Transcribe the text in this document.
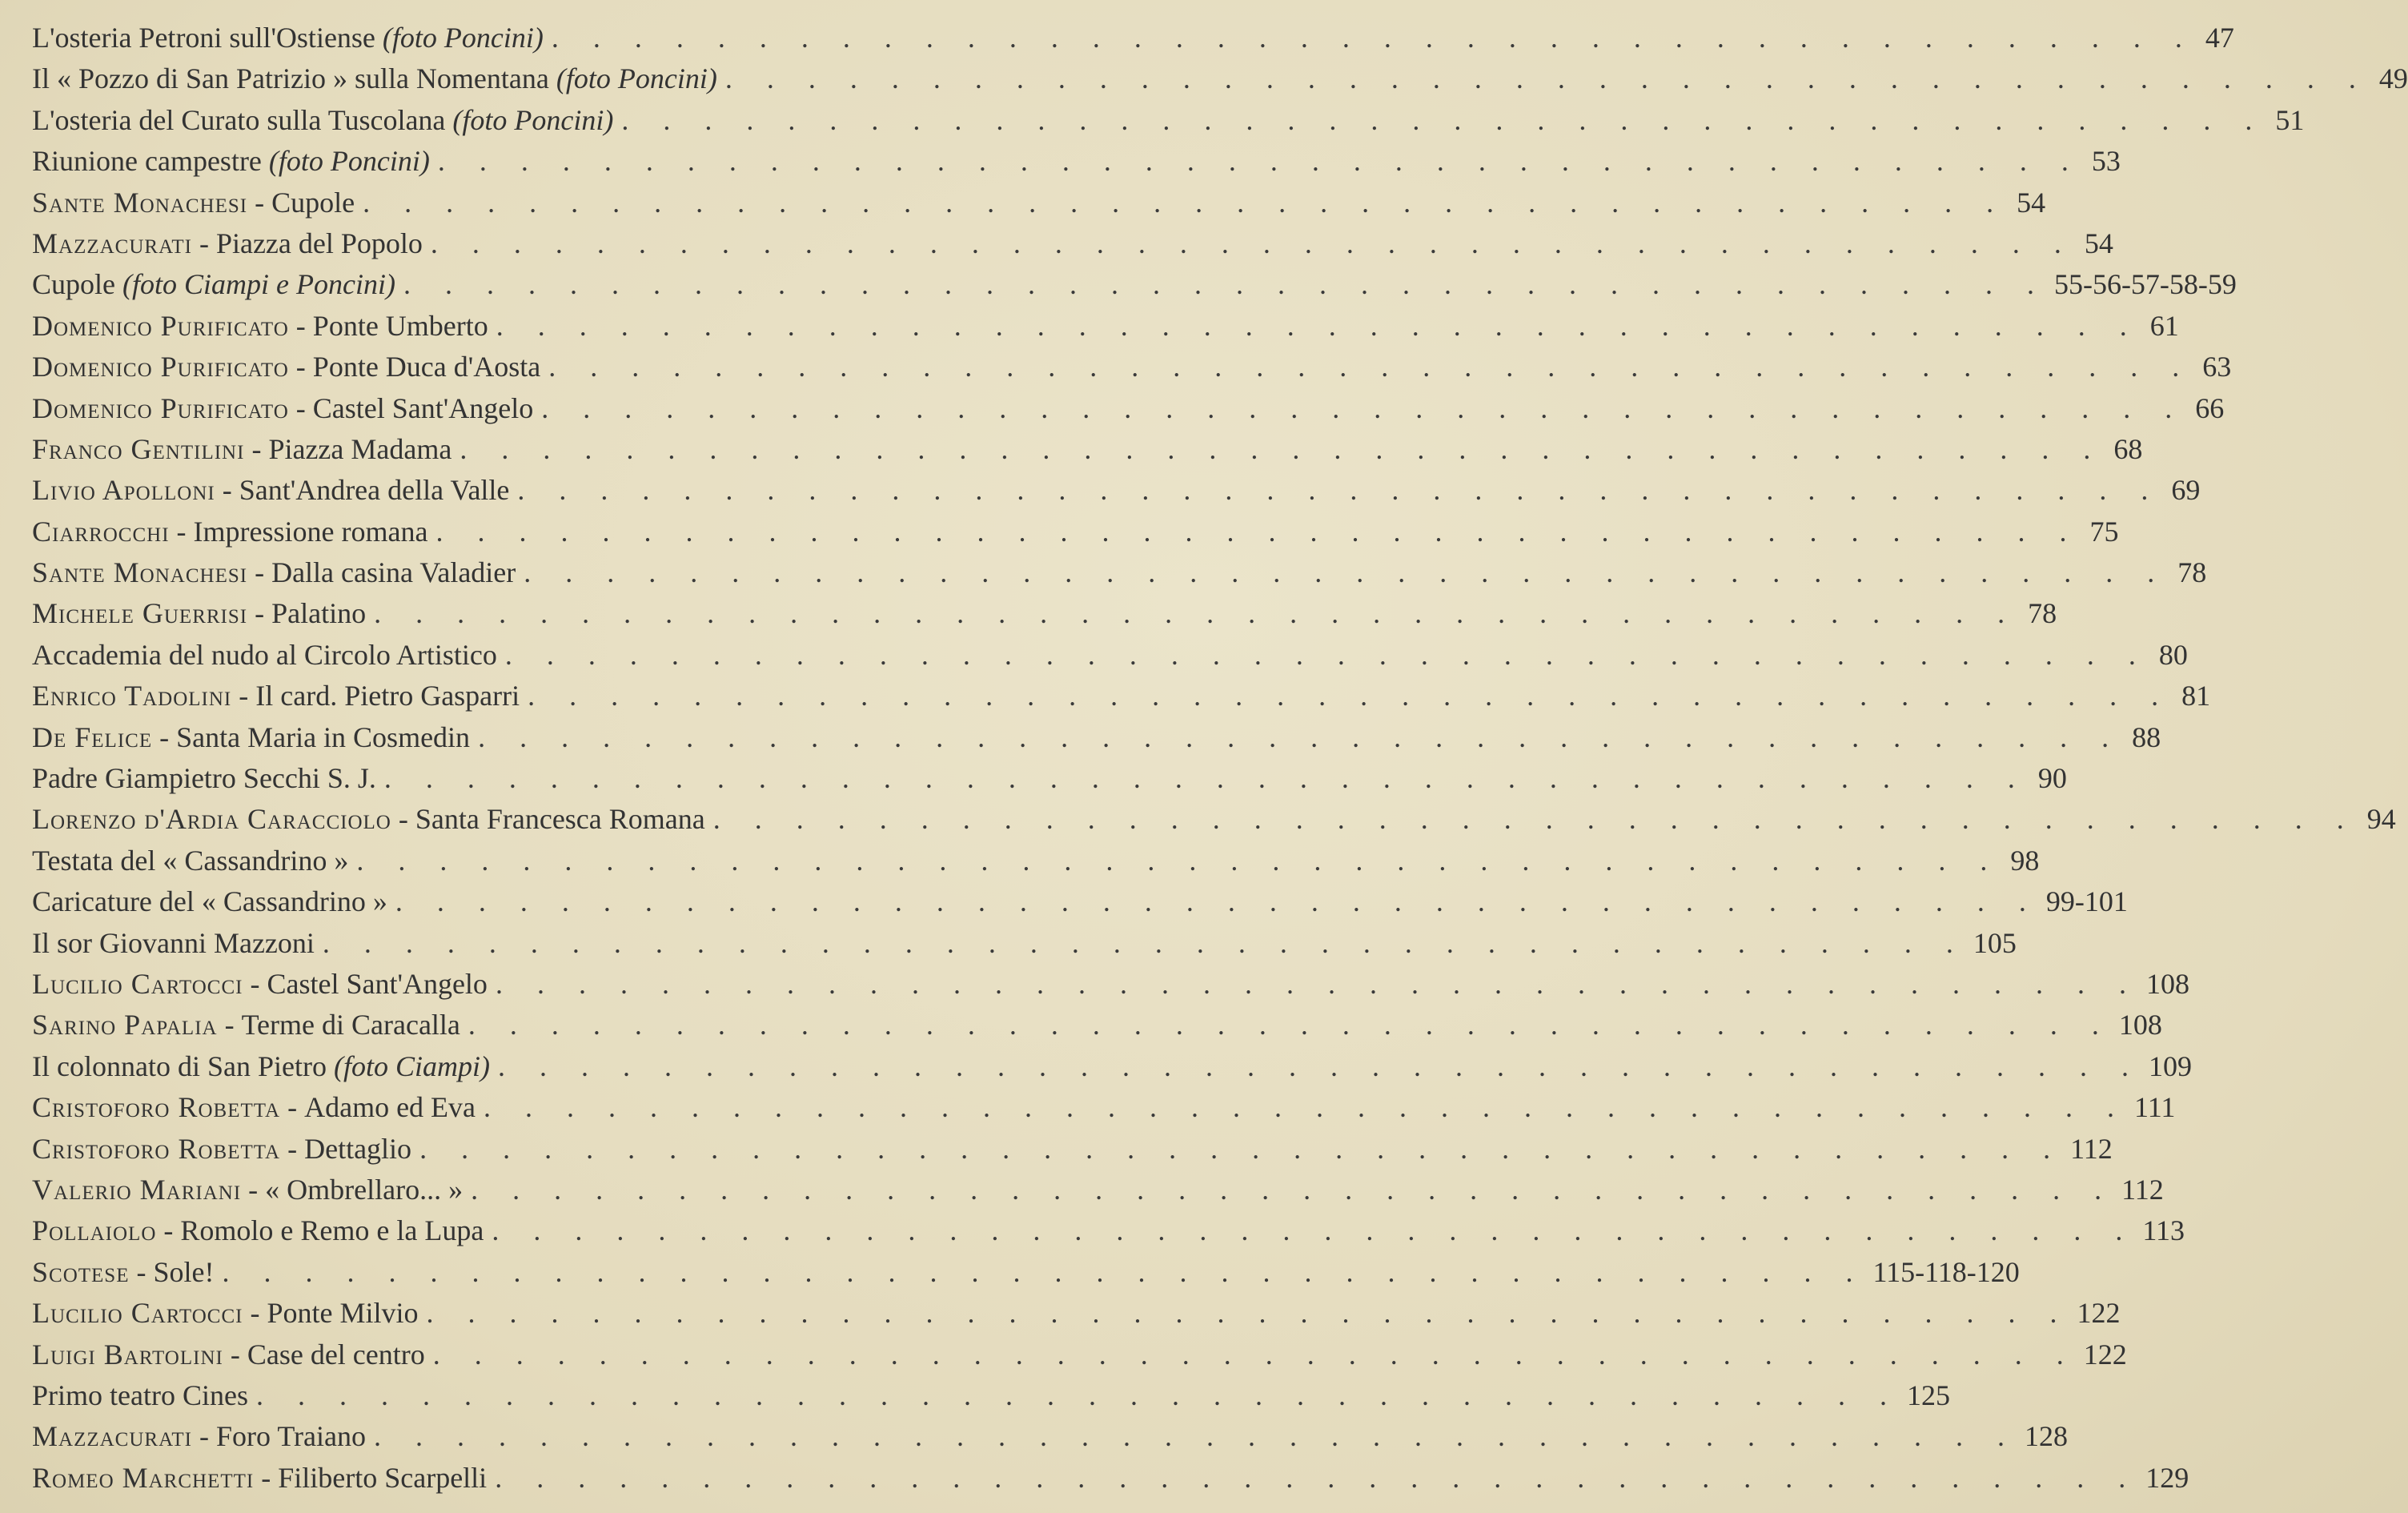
L'osteria Petroni sull'Ostiense (foto Poncini) . . . . . . . . . . . . . . . . . . . . . . . . . . . . . . . . . . . . . . . . 47
Il « Pozzo di San Patrizio » sulla Nomentana (foto Poncini) . . . . . . . . . . . . . . . . . . . . . . . . . . . . . . . . . . . . . . . . 49
L'osteria del Curato sulla Tuscolana (foto Poncini) . . . . . . . . . . . . . . . . . . . . . . . . . . . . . . . . . . . . . . . . 51
Riunione campestre (foto Poncini) . . . . . . . . . . . . . . . . . . . . . . . . . . . . . . . . . . . . . . . . 53
Sante Monachesi - Cupole . . . . . . . . . . . . . . . . . . . . . . . . . . . . . . . . . . . . . . . . 54
Mazzacurati - Piazza del Popolo . . . . . . . . . . . . . . . . . . . . . . . . . . . . . . . . . . . . . . . . 54
Cupole (foto Ciampi e Poncini) . . . . . . . . . . . . . . . . . . . . . . . . . . . . . . . . . . . . . . . . 55-56-57-58-59
Domenico Purificato - Ponte Umberto . . . . . . . . . . . . . . . . . . . . . . . . . . . . . . . . . . . . . . . . 61
Domenico Purificato - Ponte Duca d'Aosta . . . . . . . . . . . . . . . . . . . . . . . . . . . . . . . . . . . . . . . . 63
Domenico Purificato - Castel Sant'Angelo . . . . . . . . . . . . . . . . . . . . . . . . . . . . . . . . . . . . . . . . 66
Franco Gentilini - Piazza Madama . . . . . . . . . . . . . . . . . . . . . . . . . . . . . . . . . . . . . . . . 68
Livio Apolloni - Sant'Andrea della Valle . . . . . . . . . . . . . . . . . . . . . . . . . . . . . . . . . . . . . . . . 69
Ciarrocchi - Impressione romana . . . . . . . . . . . . . . . . . . . . . . . . . . . . . . . . . . . . . . . . 75
Sante Monachesi - Dalla casina Valadier . . . . . . . . . . . . . . . . . . . . . . . . . . . . . . . . . . . . . . . . 78
Michele Guerrisi - Palatino . . . . . . . . . . . . . . . . . . . . . . . . . . . . . . . . . . . . . . . . 78
Accademia del nudo al Circolo Artistico . . . . . . . . . . . . . . . . . . . . . . . . . . . . . . . . . . . . . . . . 80
Enrico Tadolini - Il card. Pietro Gasparri . . . . . . . . . . . . . . . . . . . . . . . . . . . . . . . . . . . . . . . . 81
De Felice - Santa Maria in Cosmedin . . . . . . . . . . . . . . . . . . . . . . . . . . . . . . . . . . . . . . . . 88
Padre Giampietro Secchi S. J. . . . . . . . . . . . . . . . . . . . . . . . . . . . . . . . . . . . . . . . . 90
Lorenzo d'Ardia Caracciolo - Santa Francesca Romana . . . . . . . . . . . . . . . . . . . . . . . . . . . . . . . . . . . . . . . . 94
Testata del « Cassandrino » . . . . . . . . . . . . . . . . . . . . . . . . . . . . . . . . . . . . . . . . 98
Caricature del « Cassandrino » . . . . . . . . . . . . . . . . . . . . . . . . . . . . . . . . . . . . . . . . 99-101
Il sor Giovanni Mazzoni . . . . . . . . . . . . . . . . . . . . . . . . . . . . . . . . . . . . . . . . 105
Lucilio Cartocci - Castel Sant'Angelo . . . . . . . . . . . . . . . . . . . . . . . . . . . . . . . . . . . . . . . . 108
Sarino Papalia - Terme di Caracalla . . . . . . . . . . . . . . . . . . . . . . . . . . . . . . . . . . . . . . . . 108
Il colonnato di San Pietro (foto Ciampi) . . . . . . . . . . . . . . . . . . . . . . . . . . . . . . . . . . . . . . . . 109
Cristoforo Robetta - Adamo ed Eva . . . . . . . . . . . . . . . . . . . . . . . . . . . . . . . . . . . . . . . . 111
Cristoforo Robetta - Dettaglio . . . . . . . . . . . . . . . . . . . . . . . . . . . . . . . . . . . . . . . . 112
Valerio Mariani - « Ombrellaro... » . . . . . . . . . . . . . . . . . . . . . . . . . . . . . . . . . . . . . . . . 112
Pollaiolo - Romolo e Remo e la Lupa . . . . . . . . . . . . . . . . . . . . . . . . . . . . . . . . . . . . . . . . 113
Scotese - Sole! . . . . . . . . . . . . . . . . . . . . . . . . . . . . . . . . . . . . . . . . 115-118-120
Lucilio Cartocci - Ponte Milvio . . . . . . . . . . . . . . . . . . . . . . . . . . . . . . . . . . . . . . . . 122
Luigi Bartolini - Case del centro . . . . . . . . . . . . . . . . . . . . . . . . . . . . . . . . . . . . . . . . 122
Primo teatro Cines . . . . . . . . . . . . . . . . . . . . . . . . . . . . . . . . . . . . . . . . 125
Mazzacurati - Foro Traiano . . . . . . . . . . . . . . . . . . . . . . . . . . . . . . . . . . . . . . . . 128
Romeo Marchetti - Filiberto Scarpelli . . . . . . . . . . . . . . . . . . . . . . . . . . . . . . . . . . . . . . . . 129
